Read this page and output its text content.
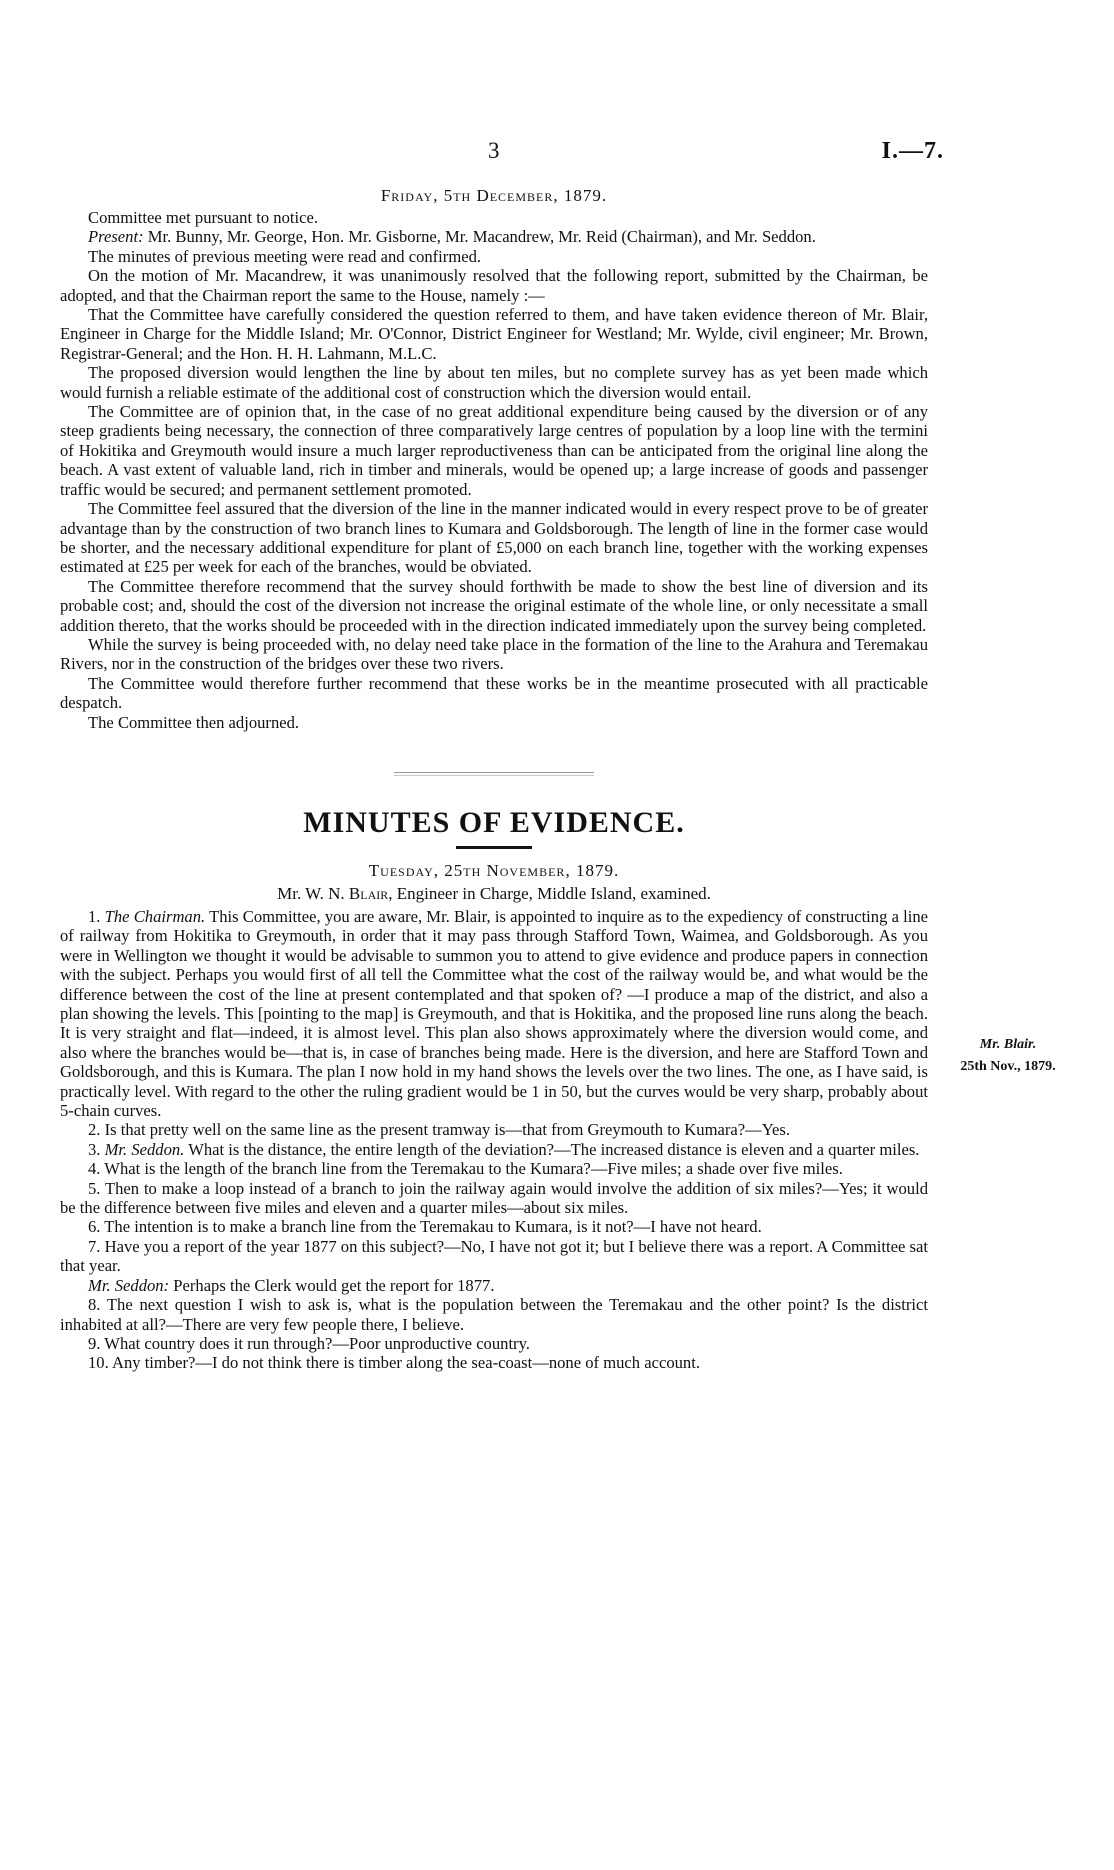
3	I.—7.
Mr. Blair.
25th Nov., 1879.
Friday, 5th December, 1879.

Committee met pursuant to notice.

Present: Mr. Bunny, Mr. George, Hon. Mr. Gisborne, Mr. Macandrew, Mr. Reid (Chairman), and Mr. Seddon.

The minutes of previous meeting were read and confirmed.

On the motion of Mr. Macandrew, it was unanimously resolved that the following report, submitted by the Chairman, be adopted, and that the Chairman report the same to the House, namely :—

That the Committee have carefully considered the question referred to them, and have taken evidence thereon of Mr. Blair, Engineer in Charge for the Middle Island; Mr. O'Connor, District Engineer for Westland; Mr. Wylde, civil engineer; Mr. Brown, Registrar-General; and the Hon. H. H. Lahmann, M.L.C.

The proposed diversion would lengthen the line by about ten miles, but no complete survey has as yet been made which would furnish a reliable estimate of the additional cost of construction which the diversion would entail.

The Committee are of opinion that, in the case of no great additional expenditure being caused by the diversion or of any steep gradients being necessary, the connection of three comparatively large centres of population by a loop line with the termini of Hokitika and Greymouth would insure a much larger reproductiveness than can be anticipated from the original line along the beach. A vast extent of valuable land, rich in timber and minerals, would be opened up; a large increase of goods and passenger traffic would be secured; and permanent settlement promoted.

The Committee feel assured that the diversion of the line in the manner indicated would in every respect prove to be of greater advantage than by the construction of two branch lines to Kumara and Goldsborough. The length of line in the former case would be shorter, and the necessary additional expenditure for plant of £5,000 on each branch line, together with the working expenses estimated at £25 per week for each of the branches, would be obviated.

The Committee therefore recommend that the survey should forthwith be made to show the best line of diversion and its probable cost; and, should the cost of the diversion not increase the original estimate of the whole line, or only necessitate a small addition thereto, that the works should be proceeded with in the direction indicated immediately upon the survey being completed.

While the survey is being proceeded with, no delay need take place in the formation of the line to the Arahura and Teremakau Rivers, nor in the construction of the bridges over these two rivers.

The Committee would therefore further recommend that these works be in the meantime prosecuted with all practicable despatch.

The Committee then adjourned.

MINUTES OF EVIDENCE.
Tuesday, 25th November, 1879.
Mr. W. N. Blair, Engineer in Charge, Middle Island, examined.

1. The Chairman. This Committee, you are aware, Mr. Blair, is appointed to inquire as to the expediency of constructing a line of railway from Hokitika to Greymouth, in order that it may pass through Stafford Town, Waimea, and Goldsborough. As you were in Wellington we thought it would be advisable to summon you to attend to give evidence and produce papers in connection with the subject. Perhaps you would first of all tell the Committee what the cost of the railway would be, and what would be the difference between the cost of the line at present contemplated and that spoken of? —I produce a map of the district, and also a plan showing the levels. This [pointing to the map] is Greymouth, and that is Hokitika, and the proposed line runs along the beach. It is very straight and flat—indeed, it is almost level. This plan also shows approximately where the diversion would come, and also where the branches would be—that is, in case of branches being made. Here is the diversion, and here are Stafford Town and Goldsborough, and this is Kumara. The plan I now hold in my hand shows the levels over the two lines. The one, as I have said, is practically level. With regard to the other the ruling gradient would be 1 in 50, but the curves would be very sharp, probably about 5-chain curves.

2. Is that pretty well on the same line as the present tramway is—that from Greymouth to Kumara?—Yes.

3. Mr. Seddon. What is the distance, the entire length of the deviation?—The increased distance is eleven and a quarter miles.

4. What is the length of the branch line from the Teremakau to the Kumara?—Five miles; a shade over five miles.

5. Then to make a loop instead of a branch to join the railway again would involve the addition of six miles?—Yes; it would be the difference between five miles and eleven and a quarter miles—about six miles.

6. The intention is to make a branch line from the Teremakau to Kumara, is it not?—I have not heard.

7. Have you a report of the year 1877 on this subject?—No, I have not got it; but I believe there was a report. A Committee sat that year.

Mr. Seddon: Perhaps the Clerk would get the report for 1877.

8. The next question I wish to ask is, what is the population between the Teremakau and the other point? Is the district inhabited at all?—There are very few people there, I believe.

9. What country does it run through?—Poor unproductive country.

10. Any timber?—I do not think there is timber along the sea-coast—none of much account.
